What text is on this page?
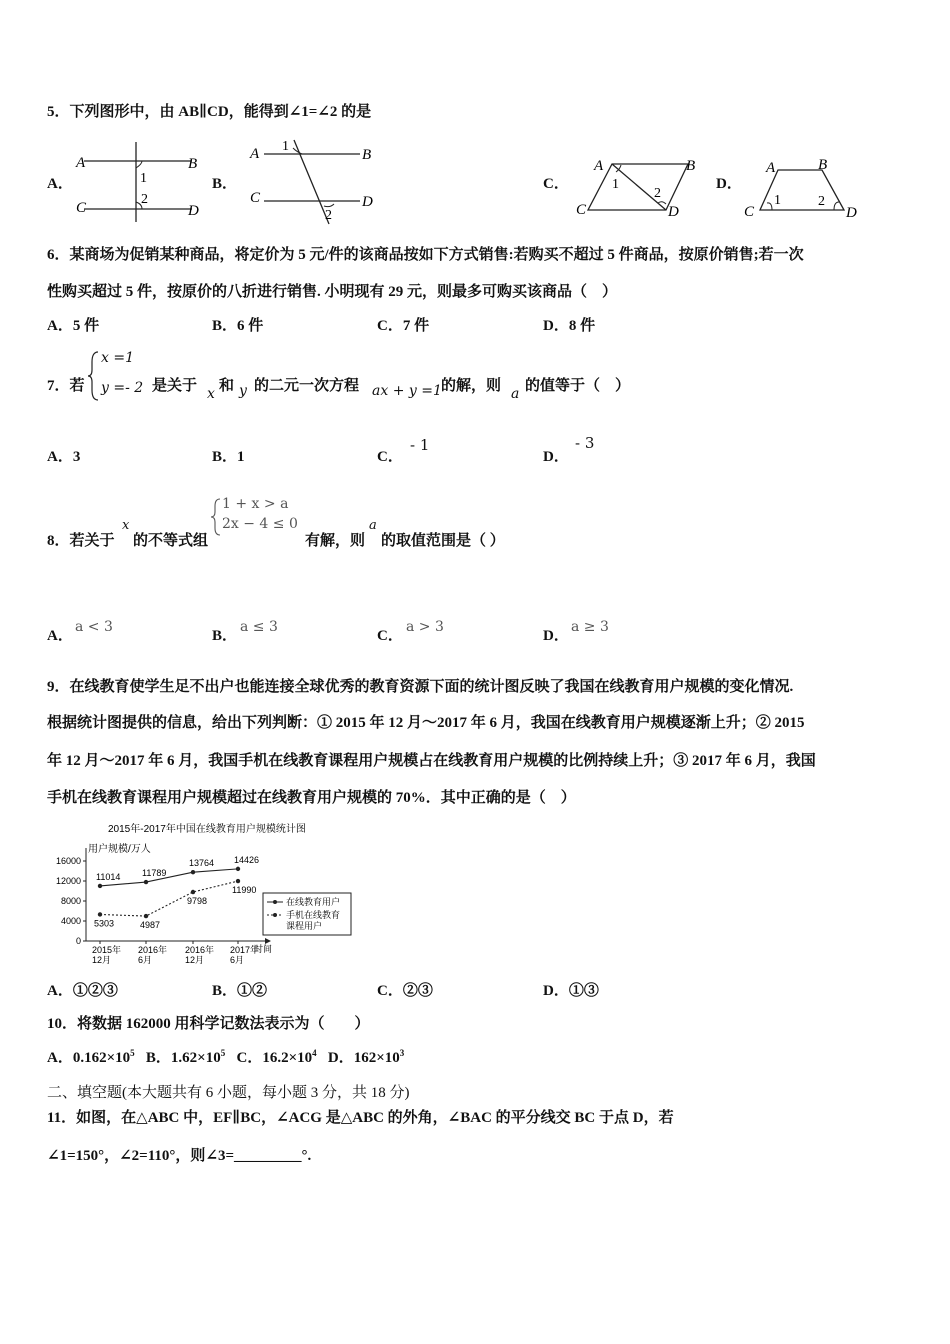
5．下列图形中，由 AB∥CD，能得到∠1=∠2 的是
A．
A	B
C	D
1
2
B．
A	B
C	D
1
2
C．
A	B
C	D
1
2
D．
A	B
C	D
1	2
6．某商场为促销某种商品，将定价为 5 元/件的该商品按如下方式销售:若购买不超过 5 件商品，按原价销售;若一次
性购买超过 5 件，按原价的八折进行销售. 小明现有 29 元，则最多可购买该商品（　）
A．5 件	B．6 件	C．7 件	D．8 件
7．若
x =1
y =- 2 是关于 x 和 y 的二元一次方程 ax + y =1 的解，则 a 的值等于（　）
A．3	B．1	C．
- 1
D．
- 3
8．若关于
x
的不等式组
1 + x > a
2x − 4 ≤ 0
有解，则
a
的取值范围是（ ）
A．
a < 3
B．
a ≤ 3
C．
a > 3
D．
a ≥ 3
9．在线教育使学生足不出户也能连接全球优秀的教育资源下面的统计图反映了我国在线教育用户规模的变化情况.
根据统计图提供的信息，给出下列判断：① 2015 年 12 月～2017 年 6 月，我国在线教育用户规模逐渐上升；② 2015
年 12 月～2017 年 6 月，我国手机在线教育课程用户规模占在线教育用户规模的比例持续上升；③ 2017 年 6 月，我国
手机在线教育课程用户规模超过在线教育用户规模的 70%．其中正确的是（　）
2015年-2017年中国在线教育用户规模统计图
用户规模/万人
16000
12000
8000
4000
0
2015年
12月
2016年
6月
2016年
12月
2017年
6月
11014 11789
13764 14426
5303	4987
9798
11990
时间
在线教育用户
手机在线教育
课程用户
A．①②③	B．①②	C．②③	D．①③
10．将数据 162000 用科学记数法表示为（　　）
A．$0.162\times 10^5$ B．$1.62\times 10^5$ C．$16.2\times 10^4$ D．$162\times 10^3$
二、填空题(本大题共有 6 小题，每小题 3 分，共 18 分)
11．如图，在△ABC 中，EF∥BC，∠ACG 是△ABC 的外角，∠BAC 的平分线交 BC 于点 D，若
∠1=150°，∠2=110°，则∠3=_________°.
